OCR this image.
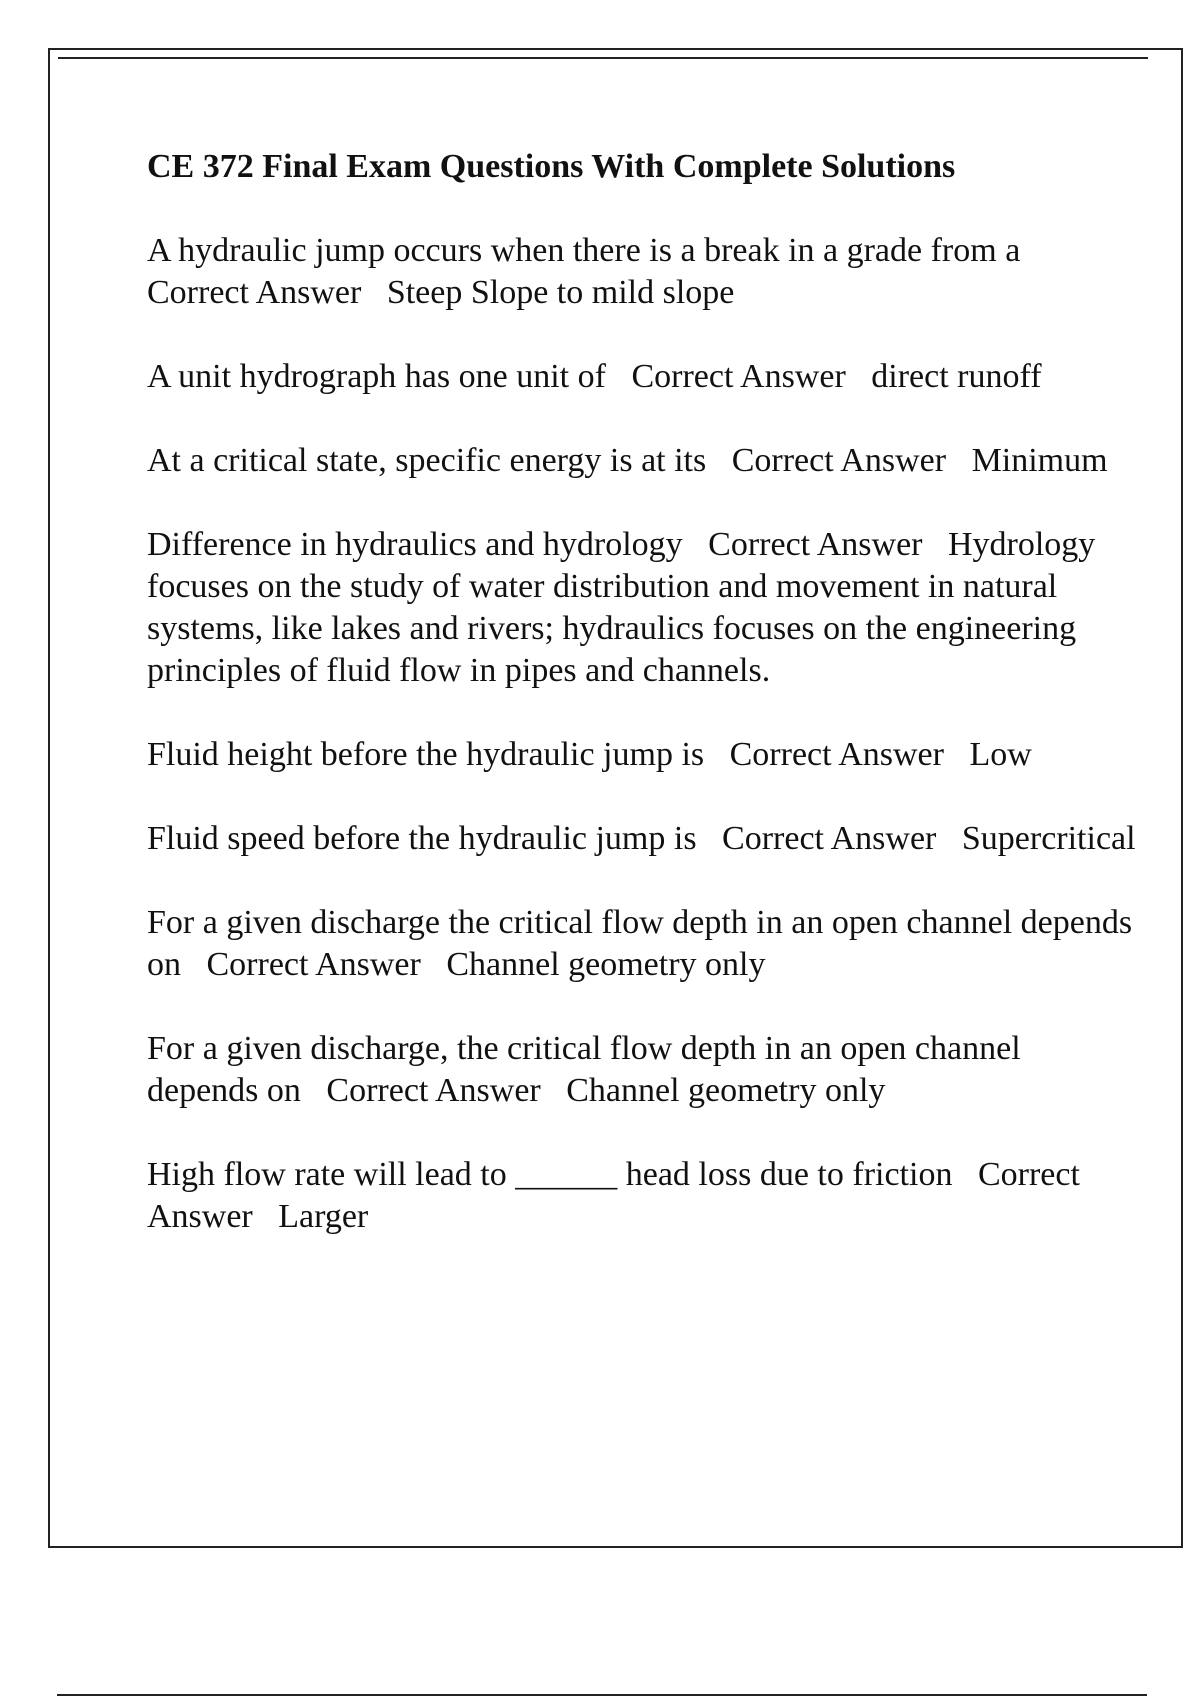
CE 372 Final Exam Questions With Complete Solutions
A hydraulic jump occurs when there is a break in a grade from a   Correct Answer Steep Slope to mild slope
A unit hydrograph has one unit of Correct Answer direct runoff
At a critical state, specific energy is at its Correct Answer Minimum
Difference in hydraulics and hydrology Correct Answer Hydrology focuses on the study of water distribution and movement in natural systems, like lakes and rivers; hydraulics focuses on the engineering principles of fluid flow in pipes and channels.
Fluid height before the hydraulic jump is Correct Answer Low
Fluid speed before the hydraulic jump is Correct Answer Supercritical
For a given discharge the critical flow depth in an open channel depends on Correct Answer Channel geometry only
For a given discharge, the critical flow depth in an open channel depends on Correct Answer Channel geometry only
High flow rate will lead to ______ head loss due to friction Correct Answer Larger
